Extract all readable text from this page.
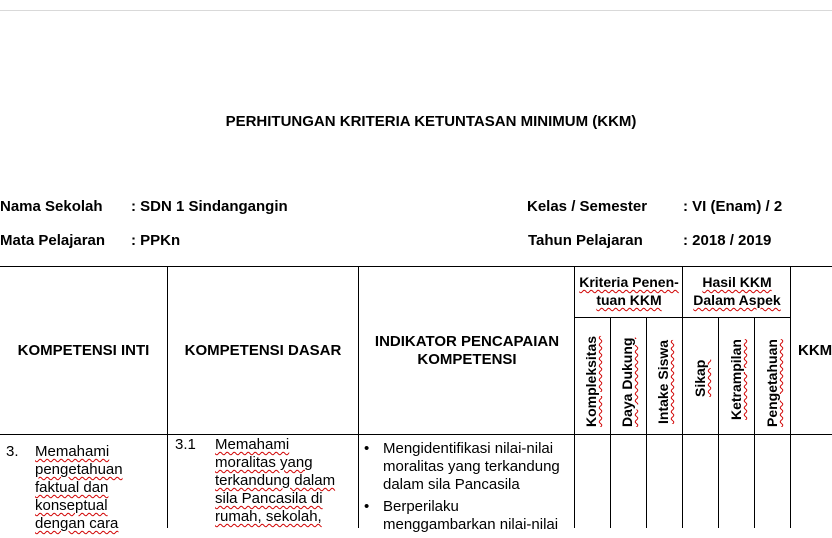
PERHITUNGAN KRITERIA KETUNTASAN MINIMUM (KKM)
Nama Sekolah : SDN 1 Sindangangin
Mata Pelajaran : PPKn
Kelas / Semester : VI (Enam) / 2
Tahun Pelajaran	: 2018 / 2019
KOMPETENSI INTI	KOMPETENSI DASAR
INDIKATOR PENCAPAIAN KOMPETENSI
Kriteria Penen-tuan KKM
Hasil KKM Dalam Aspek
KKM
Kompleksitas Daya Dukung Intake Siswa Sikap Ketrampilan Pengetahuan
3. Memahami pengetahuan faktual dan konseptual dengan cara
3.1 Memahami moralitas yang terkandung dalam sila Pancasila di rumah, sekolah,
• Mengidentifikasi nilai-nilai moralitas yang terkandung dalam sila Pancasila
• Berperilaku menggambarkan nilai-nilai
